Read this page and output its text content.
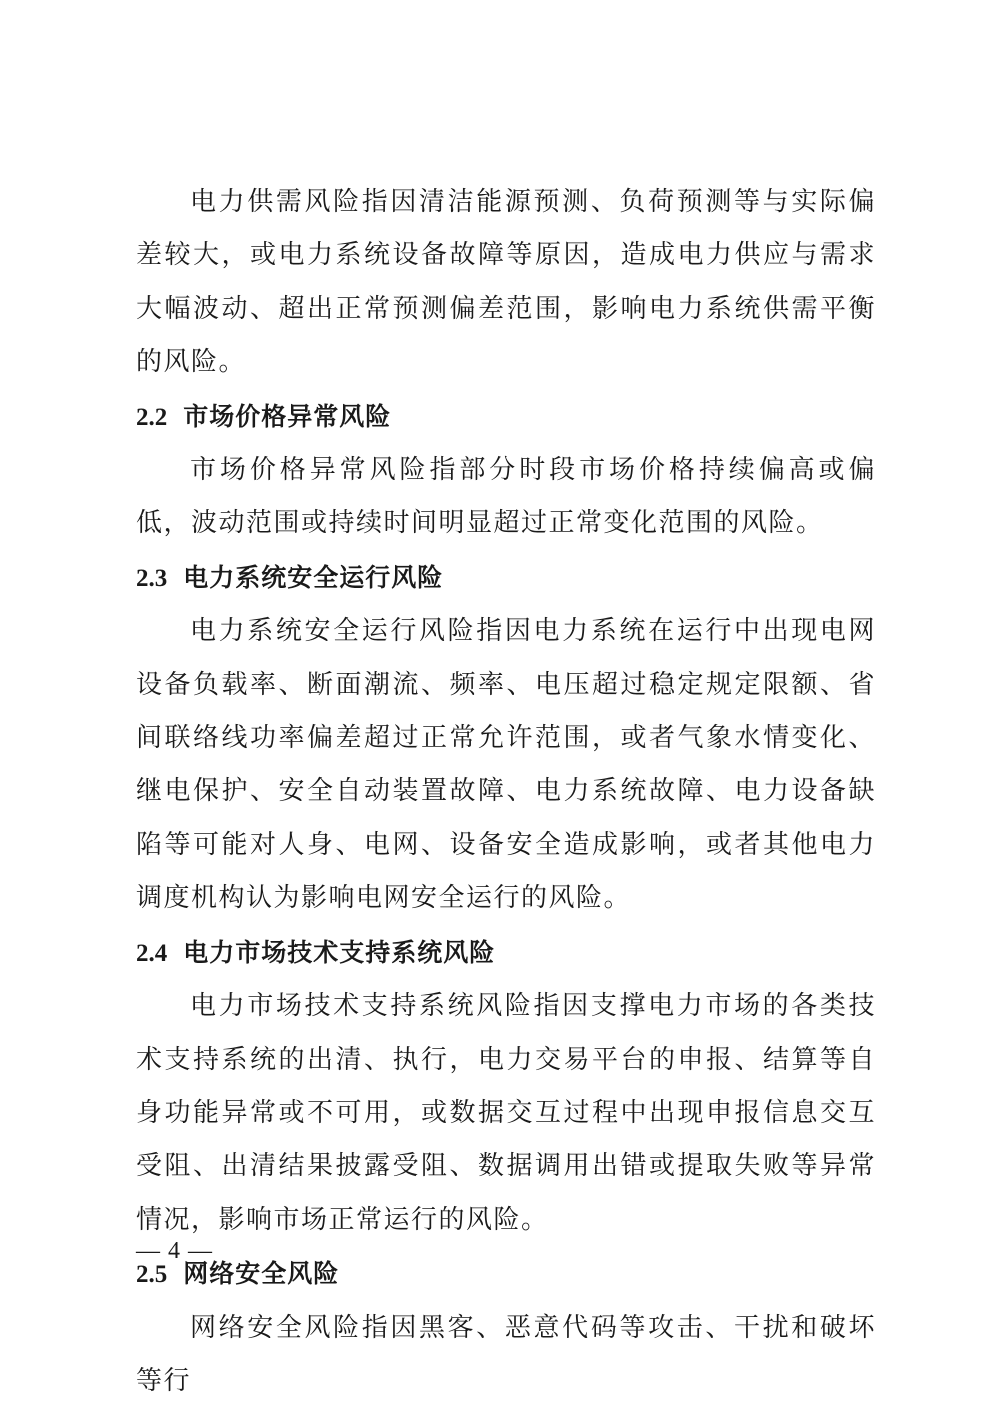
电力供需风险指因清洁能源预测、负荷预测等与实际偏差较大，或电力系统设备故障等原因，造成电力供应与需求大幅波动、超出正常预测偏差范围，影响电力系统供需平衡的风险。

2.2 市场价格异常风险

市场价格异常风险指部分时段市场价格持续偏高或偏低，波动范围或持续时间明显超过正常变化范围的风险。

2.3 电力系统安全运行风险

电力系统安全运行风险指因电力系统在运行中出现电网设备负载率、断面潮流、频率、电压超过稳定规定限额、省间联络线功率偏差超过正常允许范围，或者气象水情变化、继电保护、安全自动装置故障、电力系统故障、电力设备缺陷等可能对人身、电网、设备安全造成影响，或者其他电力调度机构认为影响电网安全运行的风险。

2.4 电力市场技术支持系统风险

电力市场技术支持系统风险指因支撑电力市场的各类技术支持系统的出清、执行，电力交易平台的申报、结算等自身功能异常或不可用，或数据交互过程中出现申报信息交互受阻、出清结果披露受阻、数据调用出错或提取失败等异常情况，影响市场正常运行的风险。

2.5 网络安全风险

网络安全风险指因黑客、恶意代码等攻击、干扰和破坏等行

— 4 —
